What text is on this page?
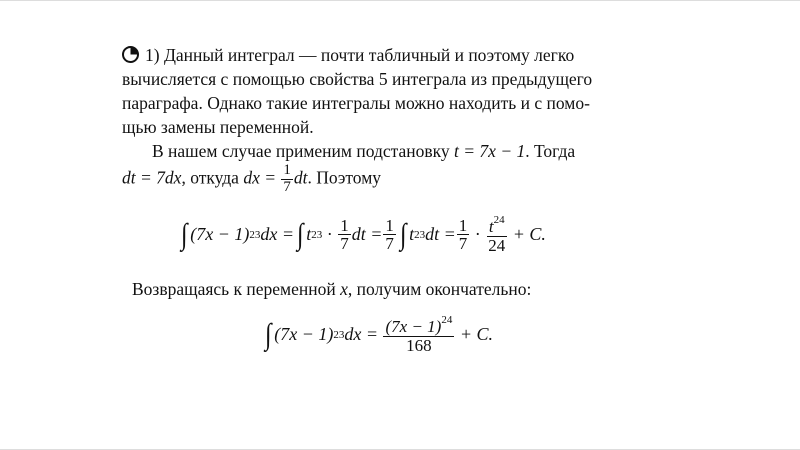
1) Данный интеграл — почти табличный и поэтому легко
вычисляется с помощью свойства 5 интеграла из предыдущего
параграфа. Однако такие интегралы можно находить и с помо-
щью замены переменной.
В нашем случае применим подстановку t = 7x − 1. Тогда
dt = 7dx, откуда dx = $\frac{1}{7}$ dt. Поэтому
∫ (7x − 1) 23 dx = ∫ t 23
·
$\frac{1}{7}$ dt = $\frac{1}{7}$ ∫ t 23 dt = $\frac{1}{7}$
·
$\frac{t^{24}}{24}$
+ C.
Возвращаясь к переменной x, получим окончательно:
∫ (7x − 1) 23 dx =
$\frac{(7x - 1)^{24}}{168}$
+ C.
